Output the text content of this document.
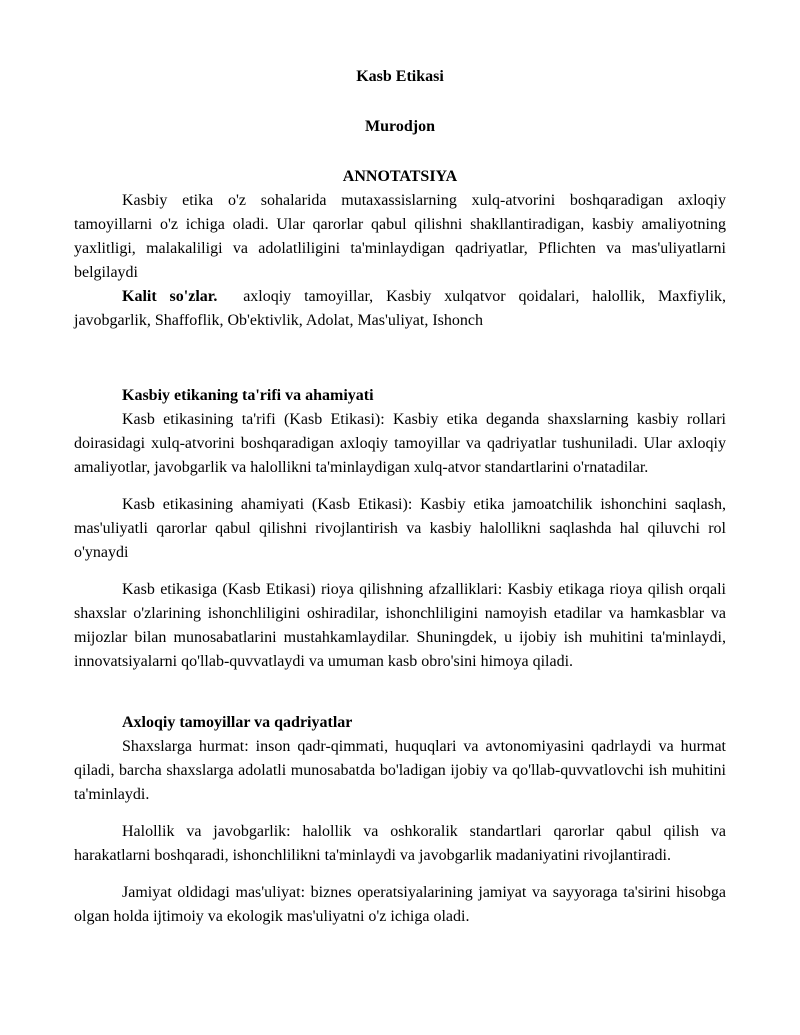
Kasb Etikasi

Murodjon

ANNOTATSIYA

Kasbiy etika o'z sohalarida mutaxassislarning xulq-atvorini boshqaradigan axloqiy tamoyillarni o'z ichiga oladi. Ular qarorlar qabul qilishni shakllantiradigan, kasbiy amaliyotning yaxlitligi, malakaliligi va adolatliligini ta'minlaydigan qadriyatlar, Pflichten va mas'uliyatlarni belgilaydi

Kalit so'zlar. axloqiy tamoyillar, Kasbiy xulqatvor qoidalari, halollik, Maxfiylik, javobgarlik, Shaffoflik, Ob'ektivlik, Adolat, Mas'uliyat, Ishonch

Kasbiy etikaning ta'rifi va ahamiyati

Kasb etikasining ta'rifi (Kasb Etikasi): Kasbiy etika deganda shaxslarning kasbiy rollari doirasidagi xulq-atvorini boshqaradigan axloqiy tamoyillar va qadriyatlar tushuniladi. Ular axloqiy amaliyotlar, javobgarlik va halollikni ta'minlaydigan xulq-atvor standartlarini o'rnatadilar.

Kasb etikasining ahamiyati (Kasb Etikasi): Kasbiy etika jamoatchilik ishonchini saqlash, mas'uliyatli qarorlar qabul qilishni rivojlantirish va kasbiy halollikni saqlashda hal qiluvchi rol o'ynaydi

Kasb etikasiga (Kasb Etikasi) rioya qilishning afzalliklari: Kasbiy etikaga rioya qilish orqali shaxslar o'zlarining ishonchliligini oshiradilar, ishonchliligini namoyish etadilar va hamkasblar va mijozlar bilan munosabatlarini mustahkamlaydilar. Shuningdek, u ijobiy ish muhitini ta'minlaydi, innovatsiyalarni qo'llab-quvvatlaydi va umuman kasb obro'sini himoya qiladi.

Axloqiy tamoyillar va qadriyatlar

Shaxslarga hurmat: inson qadr-qimmati, huquqlari va avtonomiyasini qadrlaydi va hurmat qiladi, barcha shaxslarga adolatli munosabatda bo'ladigan ijobiy va qo'llab-quvvatlovchi ish muhitini ta'minlaydi.

Halollik va javobgarlik: halollik va oshkoralik standartlari qarorlar qabul qilish va harakatlarni boshqaradi, ishonchlilikni ta'minlaydi va javobgarlik madaniyatini rivojlantiradi.

Jamiyat oldidagi mas'uliyat: biznes operatsiyalarining jamiyat va sayyoraga ta'sirini hisobga olgan holda ijtimoiy va ekologik mas'uliyatni o'z ichiga oladi.
